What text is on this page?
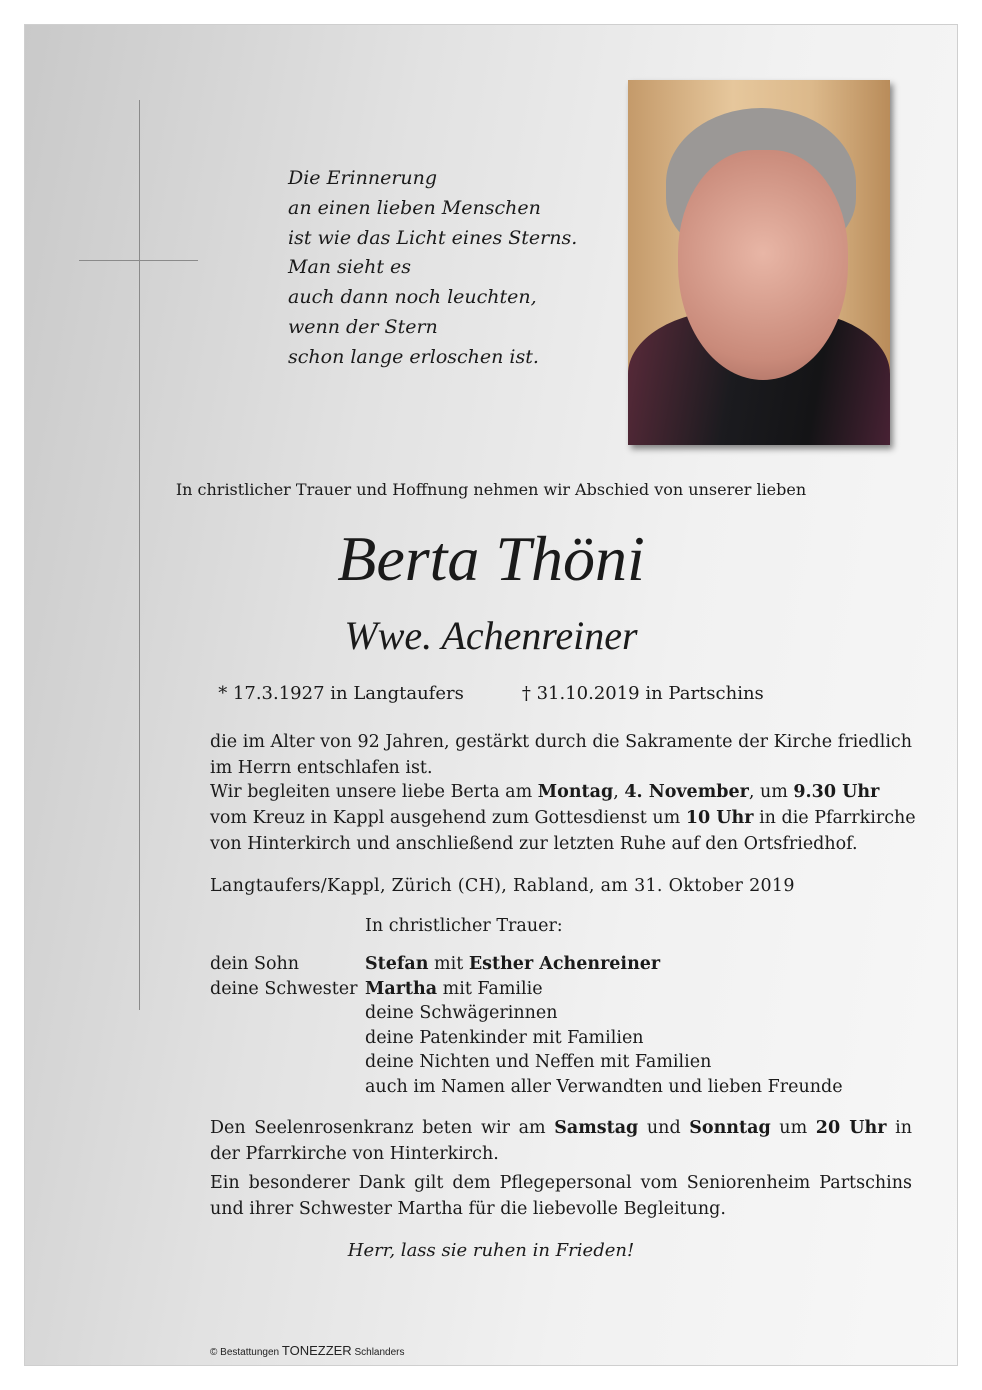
Die Erinnerung
an einen lieben Menschen
ist wie das Licht eines Sterns.
Man sieht es
auch dann noch leuchten,
wenn der Stern
schon lange erloschen ist.
In christlicher Trauer und Hoffnung nehmen wir Abschied von unserer lieben
Berta Thöni
Wwe. Achenreiner
* 17.3.1927 in Langtaufers	† 31.10.2019 in Partschins
die im Alter von 92 Jahren, gestärkt durch die Sakramente der Kirche friedlich im Herrn entschlafen ist.
Wir begleiten unsere liebe Berta am Montag, 4. November, um 9.30 Uhr
vom Kreuz in Kappl ausgehend zum Gottesdienst um 10 Uhr in die Pfarrkirche
von Hinterkirch und anschließend zur letzten Ruhe auf den Ortsfriedhof.
Langtaufers/Kappl, Zürich (CH), Rabland, am 31. Oktober 2019
In christlicher Trauer:
dein Sohn	Stefan mit Esther Achenreiner
deine Schwester Martha mit Familie
deine Schwägerinnen
deine Patenkinder mit Familien
deine Nichten und Neffen mit Familien
auch im Namen aller Verwandten und lieben Freunde
Den Seelenrosenkranz beten wir am Samstag und Sonntag um 20 Uhr in der Pfarrkirche von Hinterkirch.
Ein besonderer Dank gilt dem Pflegepersonal vom Seniorenheim Partschins und ihrer Schwester Martha für die liebevolle Begleitung.
Herr, lass sie ruhen in Frieden!
© Bestattungen TONEZZER Schlanders
